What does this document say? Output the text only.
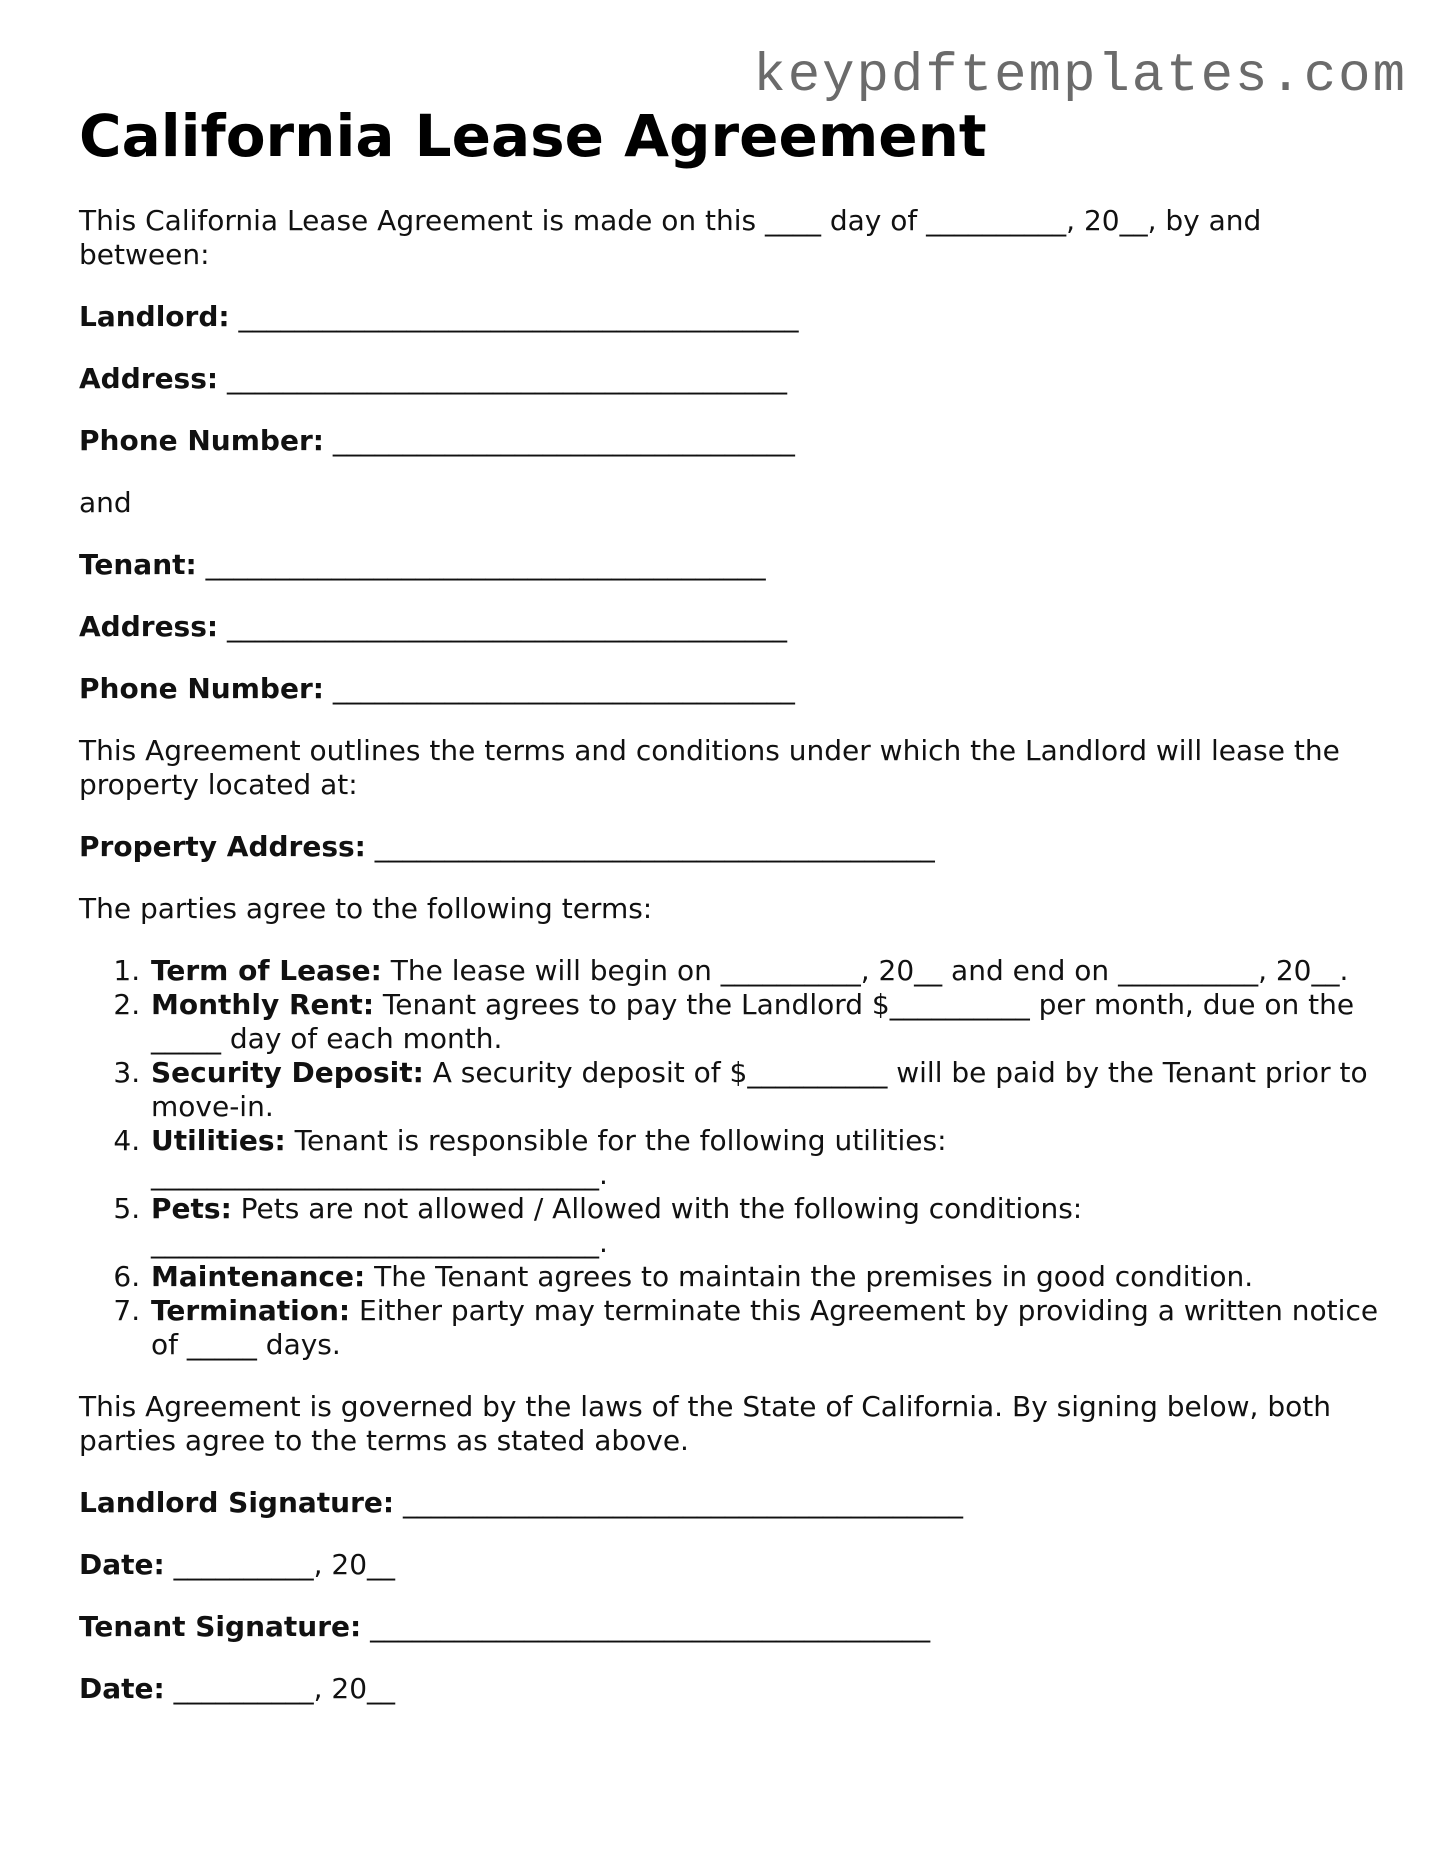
keypdftemplates.com
California Lease Agreement

This California Lease Agreement is made on this ____ day of __________, 20__, by and between:

Landlord: ________________________________________

Address: ________________________________________

Phone Number: _________________________________

and

Tenant: ________________________________________

Address: ________________________________________

Phone Number: _________________________________

This Agreement outlines the terms and conditions under which the Landlord will lease the property located at:

Property Address: ________________________________________

The parties agree to the following terms:

1. Term of Lease: The lease will begin on __________, 20__ and end on __________, 20__.
2. Monthly Rent: Tenant agrees to pay the Landlord $__________ per month, due on the _____ day of each month.
3. Security Deposit: A security deposit of $__________ will be paid by the Tenant prior to move-in.
4. Utilities: Tenant is responsible for the following utilities: ________________________________.
5. Pets: Pets are not allowed / Allowed with the following conditions: ________________________________.
6. Maintenance: The Tenant agrees to maintain the premises in good condition.
7. Termination: Either party may terminate this Agreement by providing a written notice of _____ days.

This Agreement is governed by the laws of the State of California. By signing below, both parties agree to the terms as stated above.

Landlord Signature: ________________________________________

Date: __________, 20__

Tenant Signature: ________________________________________

Date: __________, 20__
